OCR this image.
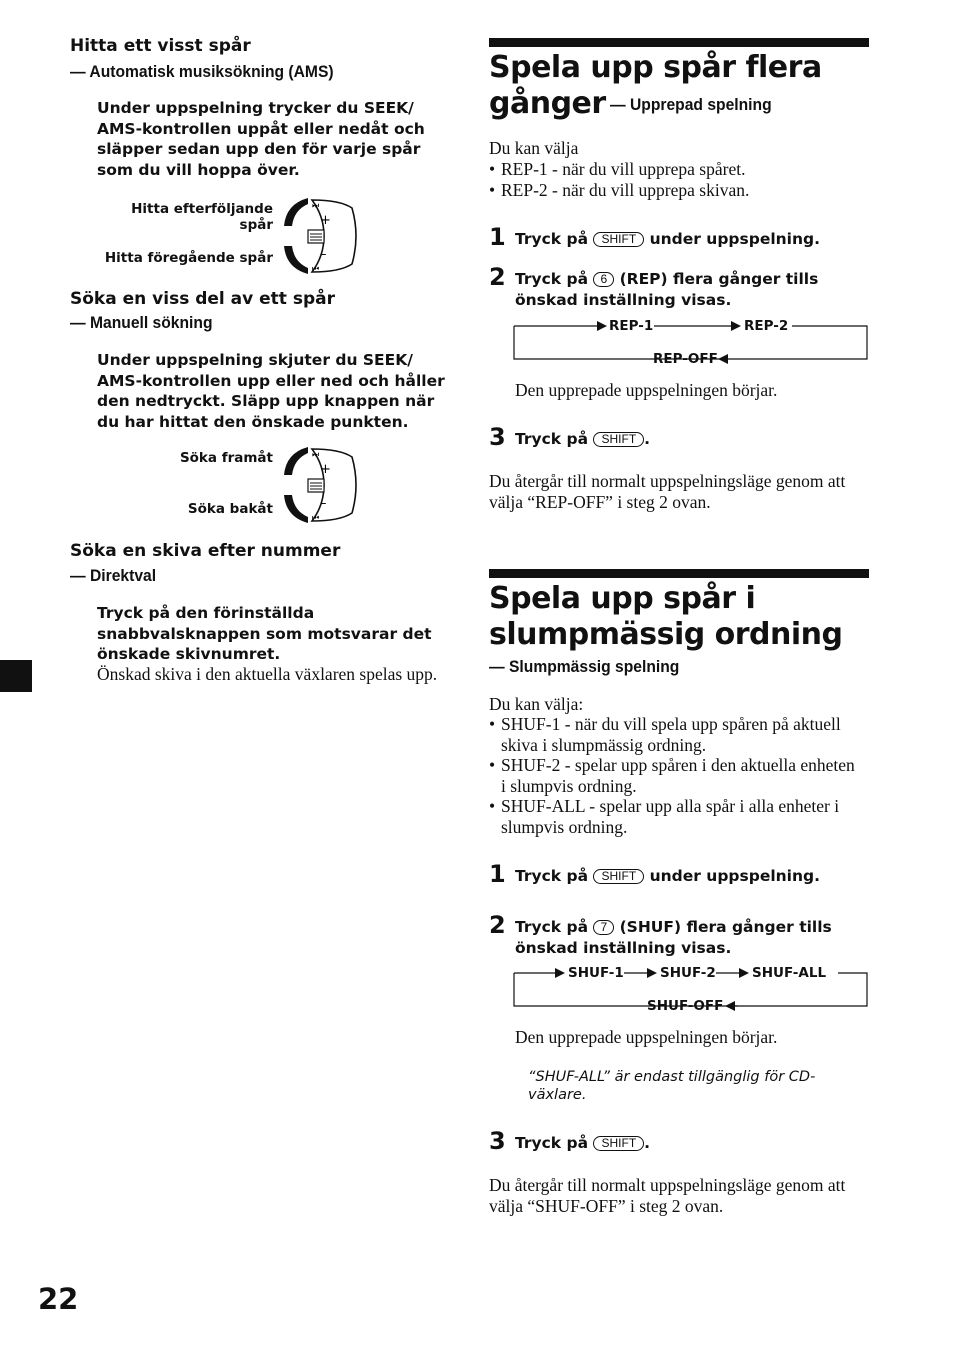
Hitta ett visst spår
— Automatisk musiksökning (AMS)
Under uppspelning trycker du SEEK/ AMS-kontrollen uppåt eller nedåt och släpper sedan upp den för varje spår som du vill hoppa över.
Hitta efterföljande spår
Hitta föregående spår
+
–
⏭
⏮
Söka en viss del av ett spår
— Manuell sökning
Under uppspelning skjuter du SEEK/ AMS-kontrollen upp eller ned och håller den nedtryckt. Släpp upp knappen när du har hittat den önskade punkten.
Söka framåt
Söka bakåt
+
–
⏭
⏮
Söka en skiva efter nummer
— Direktval
Tryck på den förinställda snabbvalsknappen som motsvarar det önskade skivnumret.
Önskad skiva i den aktuella växlaren spelas upp.
22
Spela upp spår flera
gånger — Upprepad spelning
Du kan välja
• REP-1 - när du vill upprepa spåret.
• REP-2 - när du vill upprepa skivan.
1 Tryck på SHIFT under uppspelning.
2 Tryck på 6 (REP) flera gånger tills
önskad inställning visas.
REP-1	REP-2
REP-OFF
Den upprepade uppspelningen börjar.
3 Tryck på SHIFT .
Du återgår till normalt uppspelningsläge genom att välja “REP-OFF” i steg 2 ovan.
Spela upp spår i
slumpmässig ordning
— Slumpmässig spelning
Du kan välja:
• SHUF-1 - när du vill spela upp spåren på aktuell skiva i slumpmässig ordning.
• SHUF-2 - spelar upp spåren i den aktuella enheten i slumpvis ordning.
• SHUF-ALL - spelar upp alla spår i alla enheter i slumpvis ordning.
1 Tryck på SHIFT under uppspelning.
2 Tryck på 7 (SHUF) flera gånger tills
önskad inställning visas.
SHUF-1	SHUF-2	SHUF-ALL
SHUF-OFF
Den upprepade uppspelningen börjar.
“SHUF-ALL” är endast tillgänglig för CD-växlare.
3 Tryck på SHIFT .
Du återgår till normalt uppspelningsläge genom att välja “SHUF-OFF” i steg 2 ovan.
